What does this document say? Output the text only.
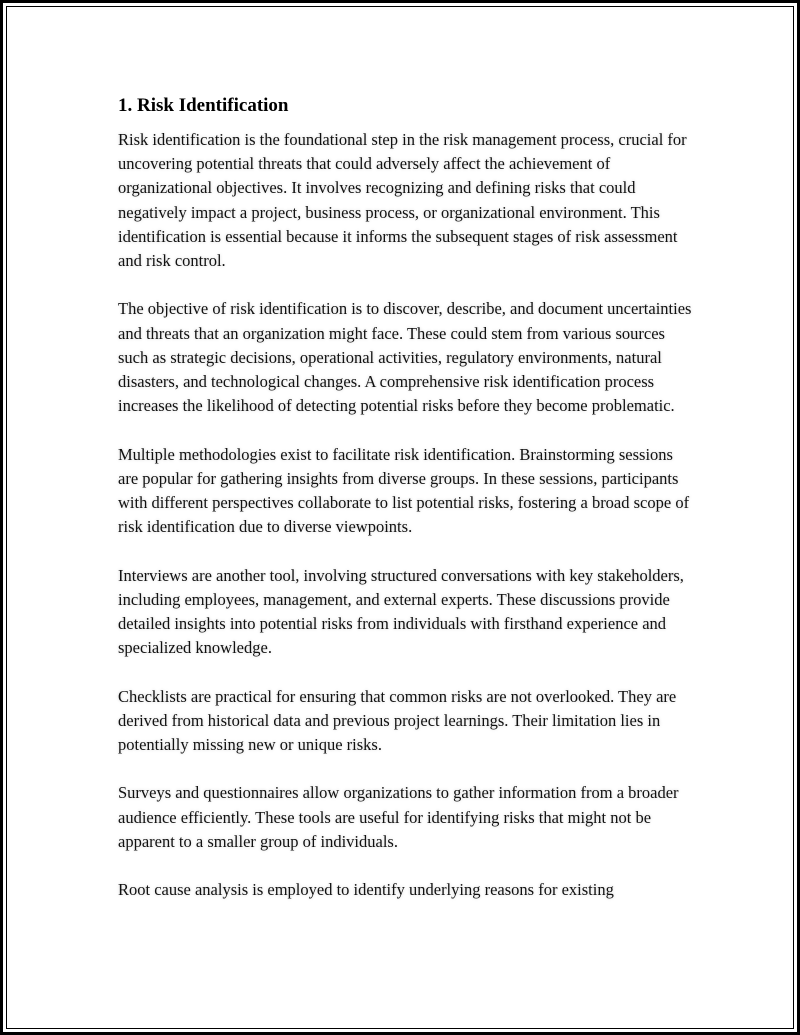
1. Risk Identification

Risk identification is the foundational step in the risk management process, crucial for uncovering potential threats that could adversely affect the achievement of organizational objectives. It involves recognizing and defining risks that could negatively impact a project, business process, or organizational environment. This identification is essential because it informs the subsequent stages of risk assessment and risk control.

The objective of risk identification is to discover, describe, and document uncertainties and threats that an organization might face. These could stem from various sources such as strategic decisions, operational activities, regulatory environments, natural disasters, and technological changes. A comprehensive risk identification process increases the likelihood of detecting potential risks before they become problematic.

Multiple methodologies exist to facilitate risk identification. Brainstorming sessions are popular for gathering insights from diverse groups. In these sessions, participants with different perspectives collaborate to list potential risks, fostering a broad scope of risk identification due to diverse viewpoints.

Interviews are another tool, involving structured conversations with key stakeholders, including employees, management, and external experts. These discussions provide detailed insights into potential risks from individuals with firsthand experience and specialized knowledge.

Checklists are practical for ensuring that common risks are not overlooked. They are derived from historical data and previous project learnings. Their limitation lies in potentially missing new or unique risks.

Surveys and questionnaires allow organizations to gather information from a broader audience efficiently. These tools are useful for identifying risks that might not be apparent to a smaller group of individuals.

Root cause analysis is employed to identify underlying reasons for existing
